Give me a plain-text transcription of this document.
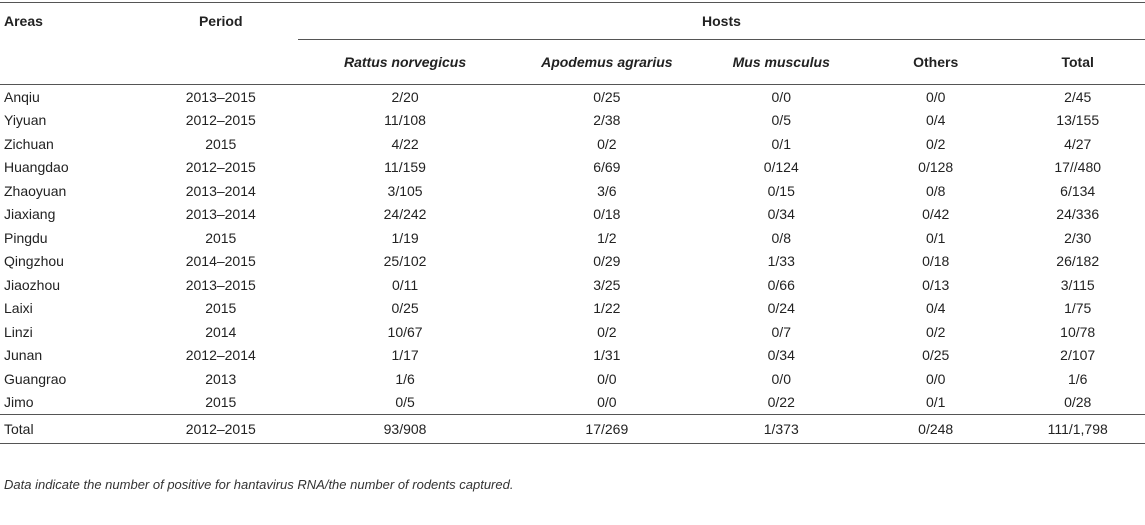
Areas	Period	Hosts				
		Rattus norvegicus	Apodemus agrarius	Mus musculus	Others	Total

Anqiu	2013–2015	2/20	0/25	0/0	0/0	2/45
Yiyuan	2012–2015	11/108	2/38	0/5	0/4	13/155
Zichuan	2015	4/22	0/2	0/1	0/2	4/27
Huangdao	2012–2015	11/159	6/69	0/124	0/128	17//480
Zhaoyuan	2013–2014	3/105	3/6	0/15	0/8	6/134
Jiaxiang	2013–2014	24/242	0/18	0/34	0/42	24/336
Pingdu	2015	1/19	1/2	0/8	0/1	2/30
Qingzhou	2014–2015	25/102	0/29	1/33	0/18	26/182
Jiaozhou	2013–2015	0/11	3/25	0/66	0/13	3/115
Laixi	2015	0/25	1/22	0/24	0/4	1/75
Linzi	2014	10/67	0/2	0/7	0/2	10/78
Junan	2012–2014	1/17	1/31	0/34	0/25	2/107
Guangrao	2013	1/6	0/0	0/0	0/0	1/6
Jimo	2015	0/5	0/0	0/22	0/1	0/28
Total	2012–2015	93/908	17/269	1/373	0/248	111/1,798
Data indicate the number of positive for hantavirus RNA/the number of rodents captured.
